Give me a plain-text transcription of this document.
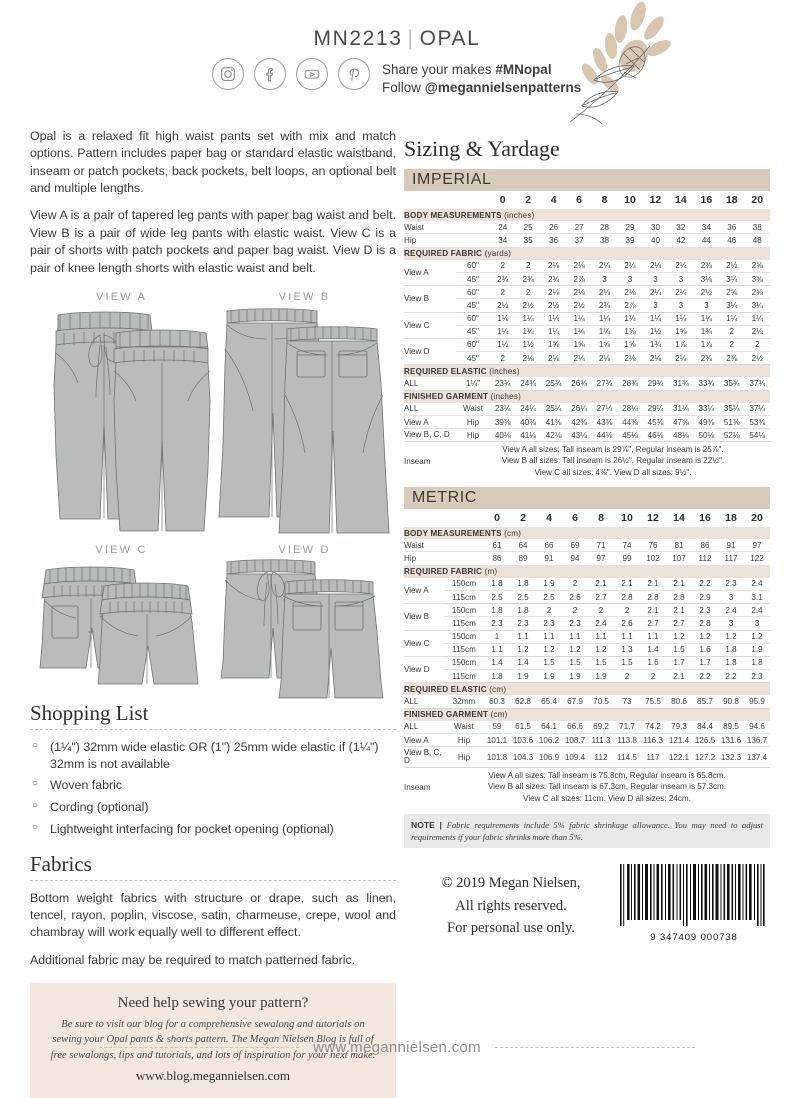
MN2213 | OPAL
Share your makes #MNopal
Follow @megannielsenpatterns

Opal is a relaxed fit high waist pants set with mix and match options. Pattern includes paper bag or standard elastic waistband, inseam or patch pockets, back pockets, belt loops, an optional belt and multiple lengths.

View A is a pair of tapered leg pants with paper bag waist and belt. View B is a pair of wide leg pants with elastic waist. View C is a pair of shorts with patch pockets and paper bag waist. View D is a pair of knee length shorts with elastic waist and belt.

VIEW A	VIEW B
VIEW C	VIEW D
Shopping List
○ (1¼") 32mm wide elastic OR (1") 25mm wide elastic if (1¼") 32mm is not available
○ Woven fabric
○ Cording (optional)
○ Lightweight interfacing for pocket opening (optional)
Fabrics

Bottom weight fabrics with structure or drape, such as linen, tencel, rayon, poplin, viscose, satin, charmeuse, crepe, wool and chambray will work equally well to different effect.

Additional fabric may be required to match patterned fabric.

Need help sewing your pattern?
Be sure to visit our blog for a comprehensive sewalong and tutorials on sewing your Opal pants & shorts pattern. The Megan Nielsen Blog is full of free sewalongs, tips and tutorials, and lots of inspiration for your next make.
www.blog.megannielsen.com
Sizing & Yardage
IMPERIAL
		0	2	4	6	8	10	12	14	16	18	20
BODY MEASUREMENTS (inches)												
Waist		24	25	26	27	28	29	30	32	34	36	38
Hip		34	35	36	37	38	39	40	42	44	46	48
REQUIRED FABRIC (yards)												
View A	60"	2	2	2⅛	2⅛	2¼	2¼	2¼	2¼	2⅜	2½	2⅝
	45"	2¾	2¾	2¾	2⅞	3	3	3	3	3⅛	3¼	3⅜
View B	60"	2	2	2⅛	2⅛	2⅛	2⅛	2¼	2¼	2½	2⅝	2⅝
	45"	2½	2½	2½	2½	2¾	2⅞	3	3	3	3¼	3¼
View C	60"	1⅛	1¼	1¼	1¼	1¼	1¼	1¼	1¼	1¼	1¼	1¼
	45"	1¼	1¼	1¼	1¼	1¼	1⅜	1½	1⅝	1¾	2	2⅛
View D	60"	1½	1½	1⅝	1⅝	1⅝	1⅝	1¾	1⅞	1⅞	2	2
	45"	2	2⅛	2⅛	2¼	2⅛	2⅛	2⅛	2¼	2⅜	2⅜	2½
REQUIRED ELASTIC (inches)												
ALL	1¼"	23¾	24¾	25¾	26¾	27¾	28¾	29¾	31¾	33¾	35¾	37¾
FINISHED GARMENT (inches)												
ALL	Waist	23¼	24¼	25¼	26¼	27¼	28¼	29¼	31¼	33¼	35¼	37¼
View A	Hip	39⅜	40⅜	41⅜	42⅜	43⅜	44⅜	45⅜	47⅜	49⅜	51⅜	53⅜
View B, C, D	Hip	40⅛	41⅛	42⅛	43⅛	44⅛	45⅛	46⅛	48⅛	50⅛	52⅛	54⅛
Inseam	View A all sizes: Tall inseam is 29⅞", Regular inseam is 25⅞".
View B all sizes: Tall inseam is 26½", Regular inseam is 22½".
View C all sizes: 4⅜". View D all sizes: 9½".											
METRIC
		0	2	4	6	8	10	12	14	16	18	20
BODY MEASUREMENTS (cm)												
Waist		61	64	66	69	71	74	76	81	86	91	97
Hip		86	89	91	94	97	99	102	107	112	117	122
REQUIRED FABRIC (m)												
View A	150cm	1.8	1.8	1.9	2	2.1	2.1	2.1	2.1	2.2	2.3	2.4
	115cm	2.5	2.5	2.5	2.6	2.7	2.8	2.8	2.8	2.9	3	3.1
View B	150cm	1.8	1.8	2	2	2	2	2.1	2.1	2.3	2.4	2.4
	115cm	2.3	2.3	2.3	2.3	2.4	2.6	2.7	2.7	2.8	3	3
View C	150cm	1	1.1	1.1	1.1	1.1	1.1	1.1	1.2	1.2	1.2	1.2
	115cm	1.1	1.2	1.2	1.2	1.2	1.3	1.4	1.5	1.6	1.8	1.9
View D	150cm	1.4	1.4	1.5	1.5	1.5	1.5	1.6	1.7	1.7	1.8	1.8
	115cm	1.8	1.9	1.9	1.9	1.9	2	2	2.1	2.2	2.2	2.3
REQUIRED ELASTIC (cm)												
ALL	32mm	60.3	62.8	65.4	67.9	70.5	73	75.5	80.6	85.7	90.8	95.9
FINISHED GARMENT (cm)												
ALL	Waist	59	61.5	64.1	66.6	69.2	71.7	74.2	79.3	84.4	89.5	94.6
View A	Hip	101.1	103.6	106.2	108.7	111.3	113.8	116.3	121.4	126.5	131.6	136.7
View B, C, D	Hip	101.8	104.3	106.9	109.4	112	114.5	117	122.1	127.2	132.3	137.4
Inseam	View A all sizes: Tall inseam is 75.8cm, Regular inseam is 65.8cm.
View B all sizes: Tall inseam is 67.3cm, Regular inseam is 57.3cm.
View C all sizes: 11cm. View D all sizes: 24cm.											
NOTE | Fabric requirements include 5% fabric shrinkage allowance. You may need to adjust requirements if your fabric shrinks more than 5%.
© 2019 Megan Nielsen,
All rights reserved.
For personal use only.
9 347409 000738
www.megannielsen.com
